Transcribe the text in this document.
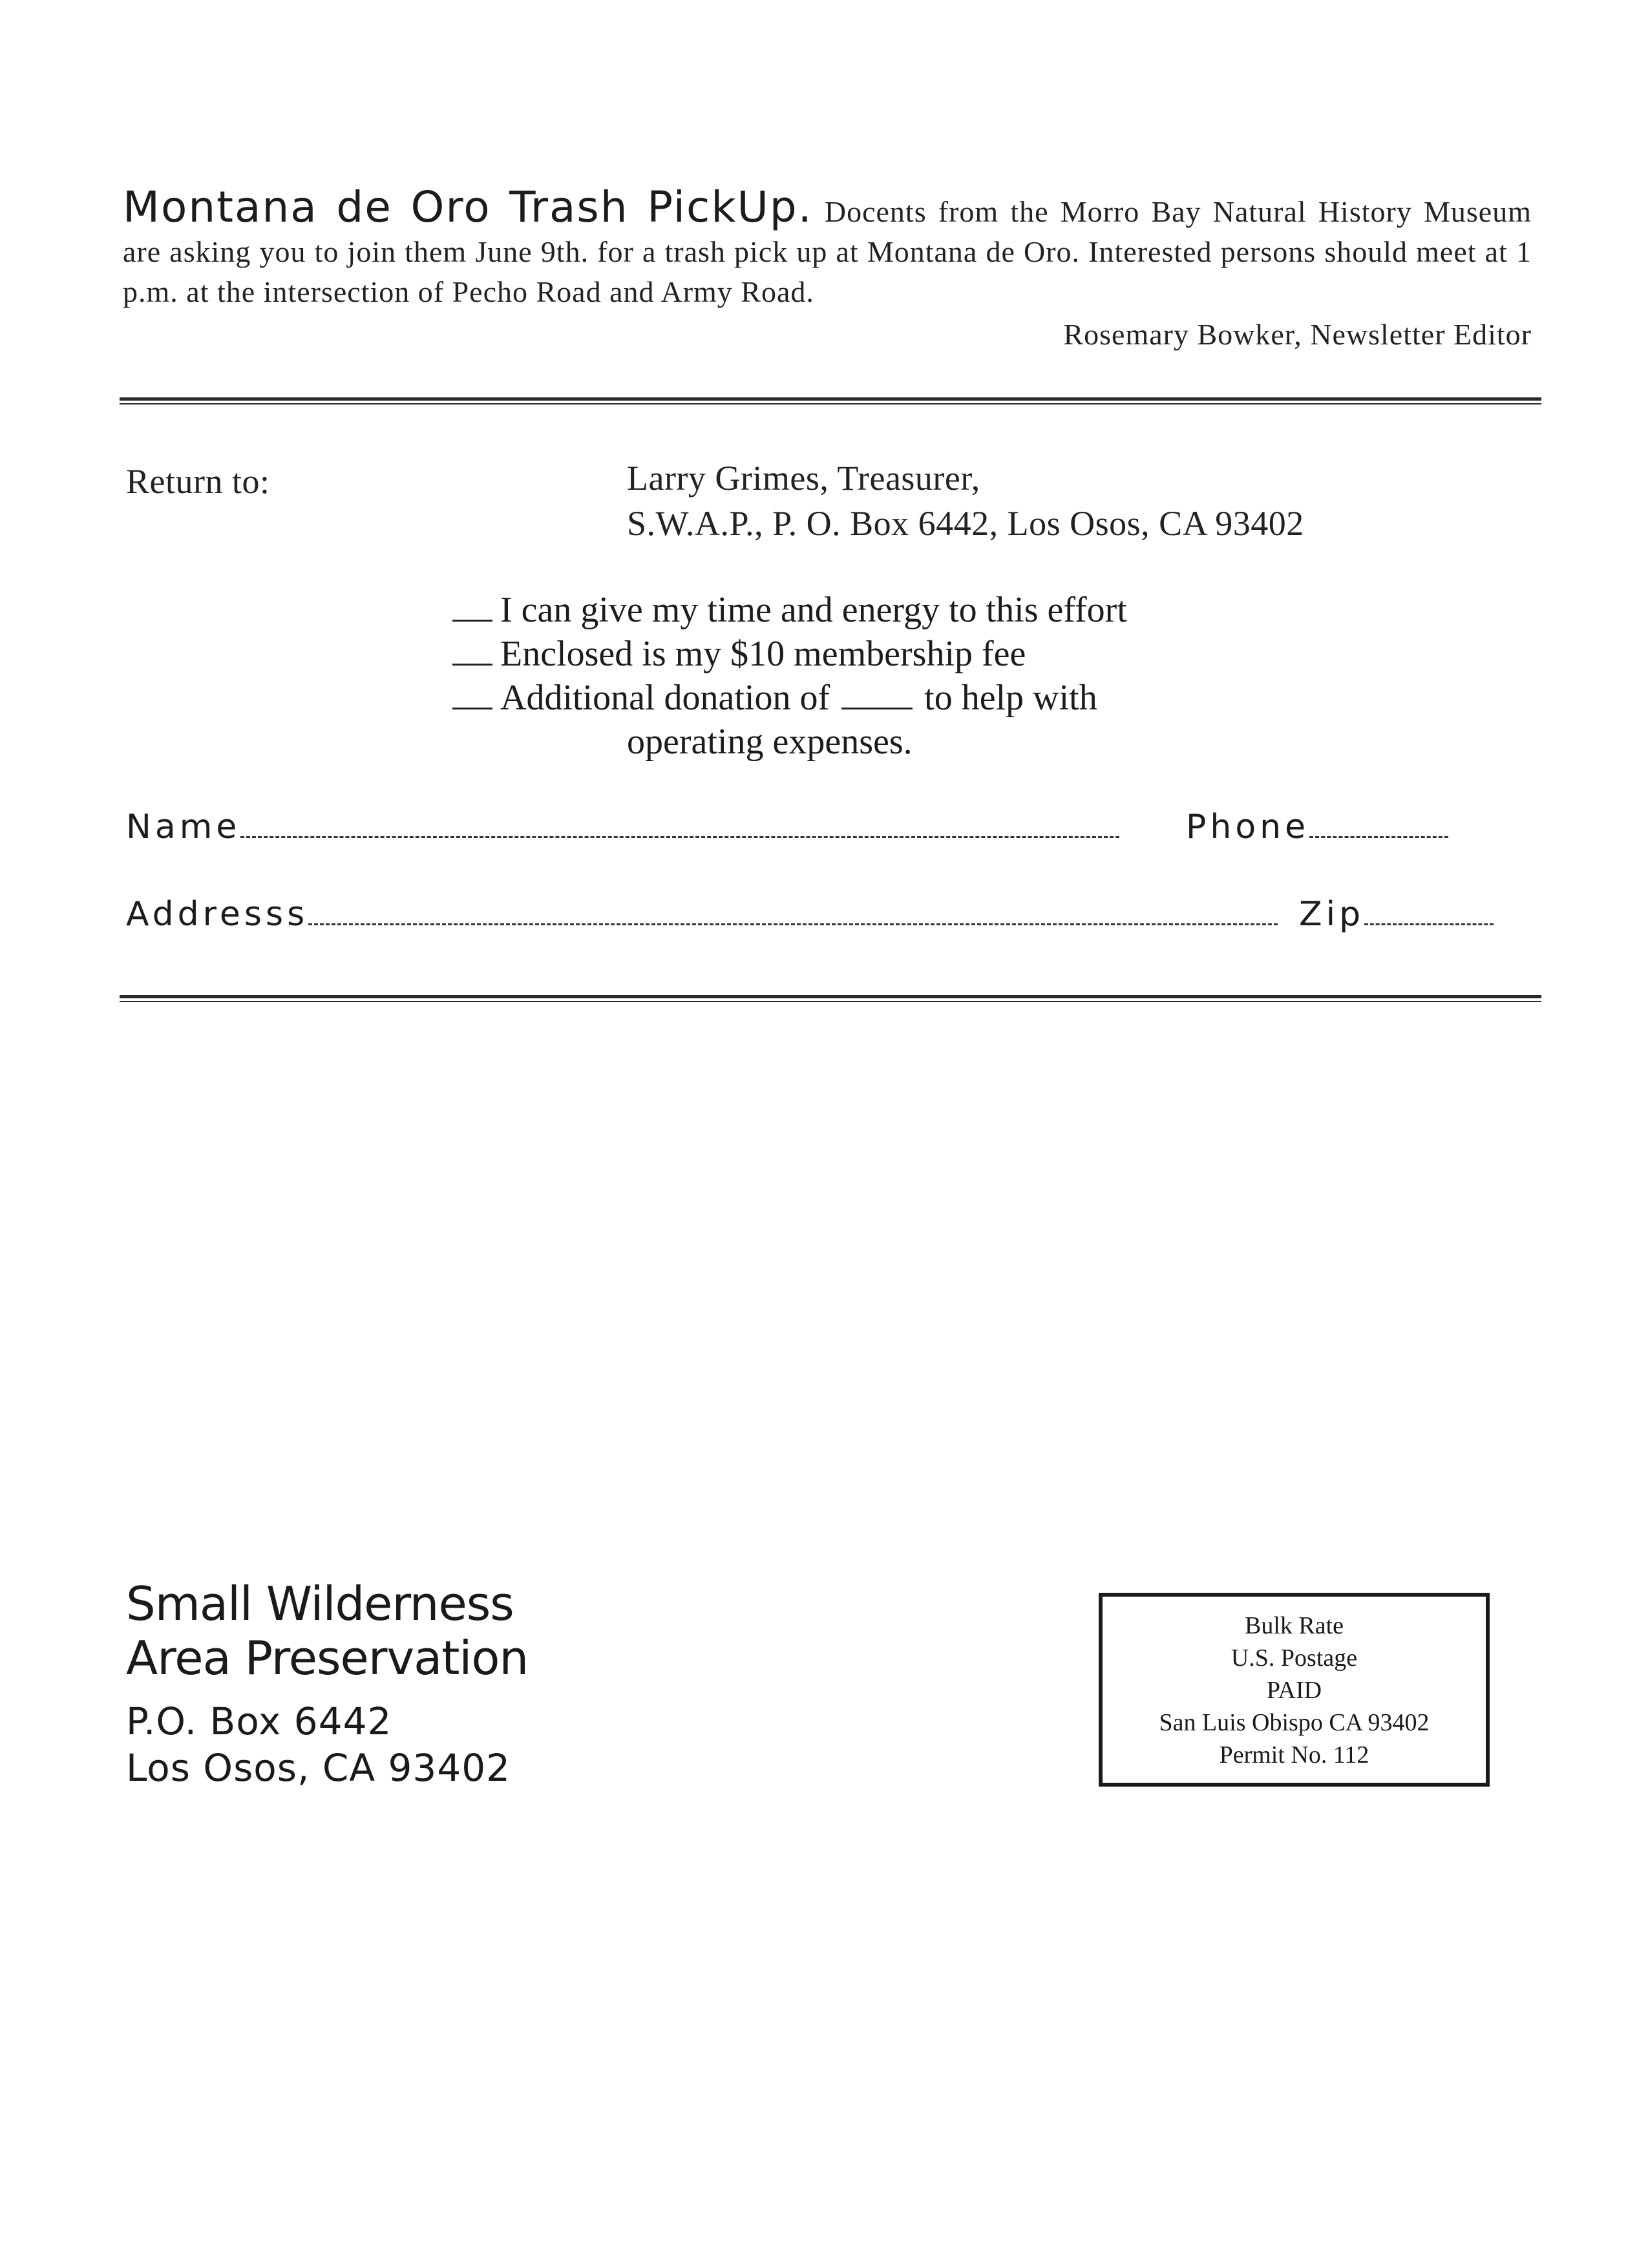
Montana de Oro Trash PickUp. Docents from the Morro Bay Natural History Museum are asking you to join them June 9th. for a trash pick up at Montana de Oro. Interested persons should meet at 1 p.m. at the intersection of Pecho Road and Army Road.
Rosemary Bowker, Newsletter Editor
Return to:	Larry Grimes, Treasurer,
S.W.A.P., P. O. Box 6442, Los Osos, CA 93402
I can give my time and energy to this effort
Enclosed is my $10 membership fee
Additional donation of	to help with
operating expenses.
Name	Phone
Addresss	Zip
Small Wilderness
Area Preservation
P.O. Box 6442
Los Osos, CA 93402
Bulk Rate
U.S. Postage
PAID
San Luis Obispo CA 93402
Permit No. 112
